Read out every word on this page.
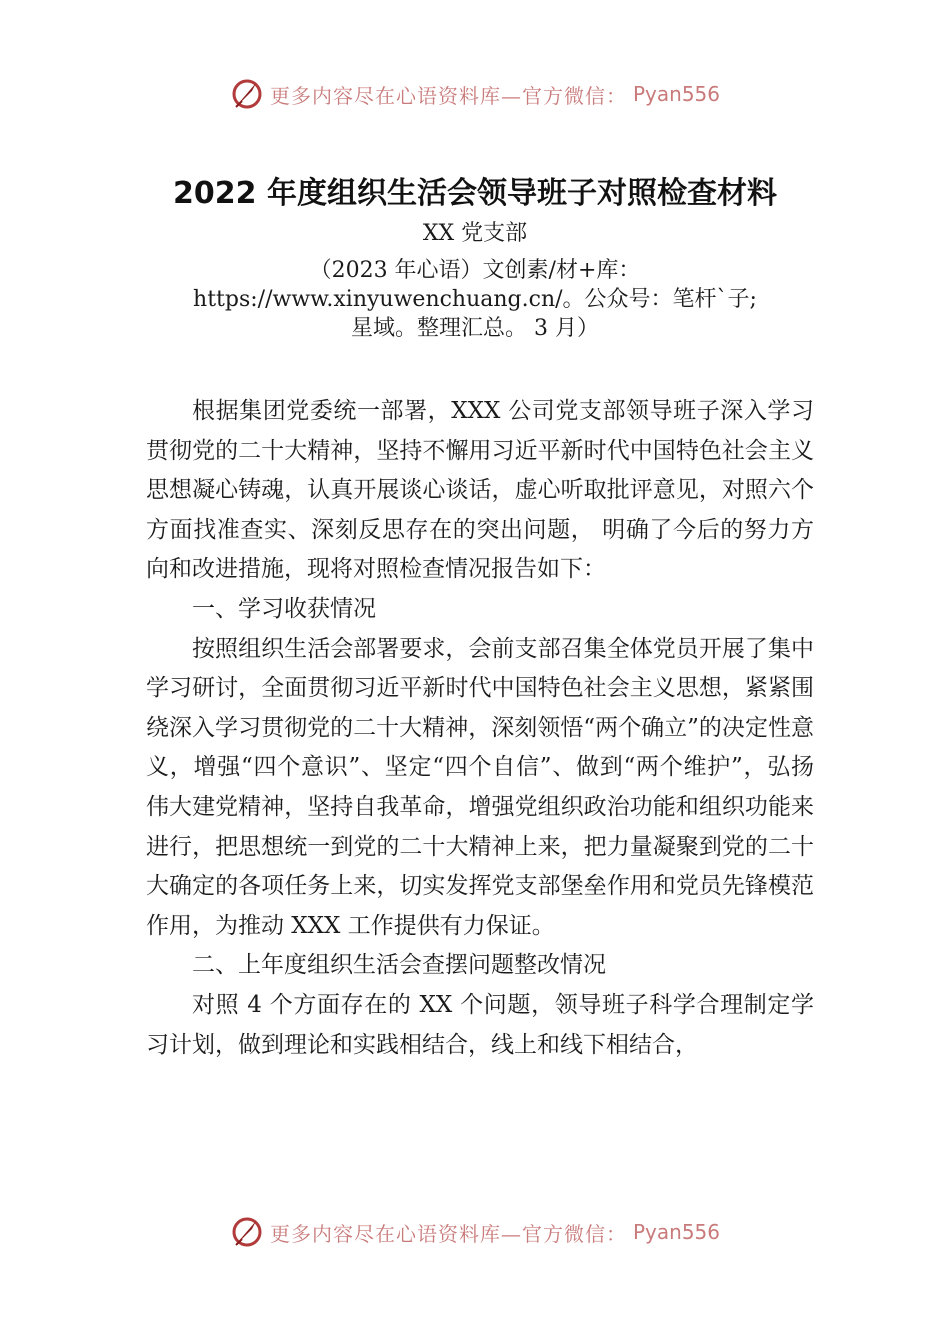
更多内容尽在心语资料库—官方微信： Pyan556
2022 年度组织生活会领导班子对照检查材料
XX 党支部

（2023 年心语）文创素/材+库：

https://www.xinyuwenchuang.cn/。公众号：笔杆`子;

星域。整理汇总。 3 月）

根据集团党委统一部署，XXX 公司党支部领导班子深入学习贯彻党的二十大精神，坚持不懈用习近平新时代中国特色社会主义思想凝心铸魂，认真开展谈心谈话，虚心听取批评意见，对照六个方面找准查实、深刻反思存在的突出问题， 明确了今后的努力方向和改进措施，现将对照检查情况报告如下：

一、学习收获情况

按照组织生活会部署要求，会前支部召集全体党员开展了集中学习研讨，全面贯彻习近平新时代中国特色社会主义思想，紧紧围绕深入学习贯彻党的二十大精神，深刻领悟“两个确立”的决定性意义，增强“四个意识”、坚定“四个自信”、做到“两个维护”，弘扬伟大建党精神，坚持自我革命，增强党组织政治功能和组织功能来进行，把思想统一到党的二十大精神上来，把力量凝聚到党的二十大确定的各项任务上来，切实发挥党支部堡垒作用和党员先锋模范作用，为推动 XXX 工作提供有力保证。

二、上年度组织生活会查摆问题整改情况

对照 4 个方面存在的 XX 个问题，领导班子科学合理制定学习计划，做到理论和实践相结合，线上和线下相结合，

更多内容尽在心语资料库—官方微信： Pyan556
